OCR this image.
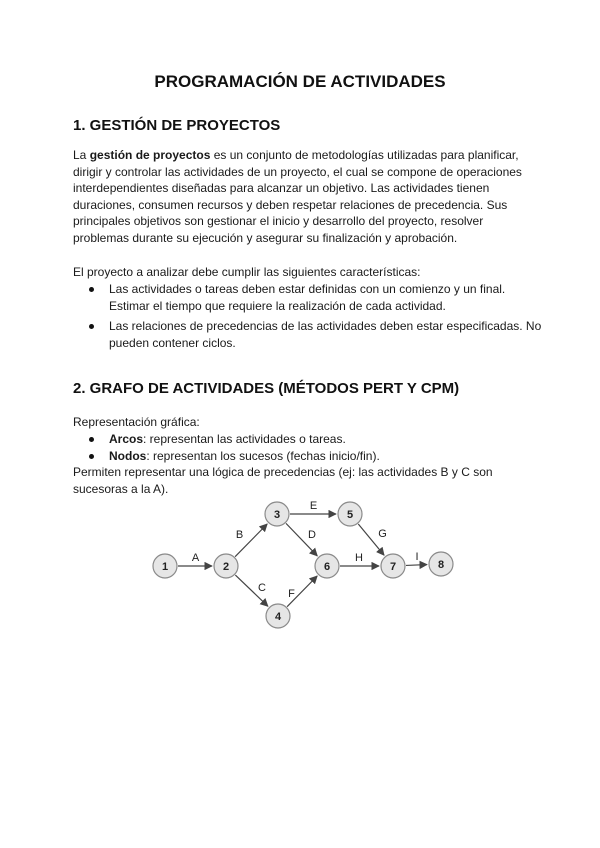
PROGRAMACIÓN DE ACTIVIDADES
1. GESTIÓN DE PROYECTOS

La gestión de proyectos es un conjunto de metodologías utilizadas para planificar, dirigir y controlar las actividades de un proyecto, el cual se compone de operaciones interdependientes diseñadas para alcanzar un objetivo. Las actividades tienen duraciones, consumen recursos y deben respetar relaciones de precedencia. Sus principales objetivos son gestionar el inicio y desarrollo del proyecto, resolver problemas durante su ejecución y asegurar su finalización y aprobación.

El proyecto a analizar debe cumplir las siguientes características:

Las actividades o tareas deben estar definidas con un comienzo y un final. Estimar el tiempo que requiere la realización de cada actividad.
Las relaciones de precedencias de las actividades deben estar especificadas. No pueden contener ciclos.
2. GRAFO DE ACTIVIDADES (MÉTODOS PERT Y CPM)

Representación gráfica:

Arcos: representan las actividades o tareas.
Nodos: representan los sucesos (fechas inicio/fin).

Permiten representar una lógica de precedencias (ej: las actividades B y C son sucesoras a la A).

A
B
C
E
D
F
G
H	I
1	2
3
4
5
6	7	8
